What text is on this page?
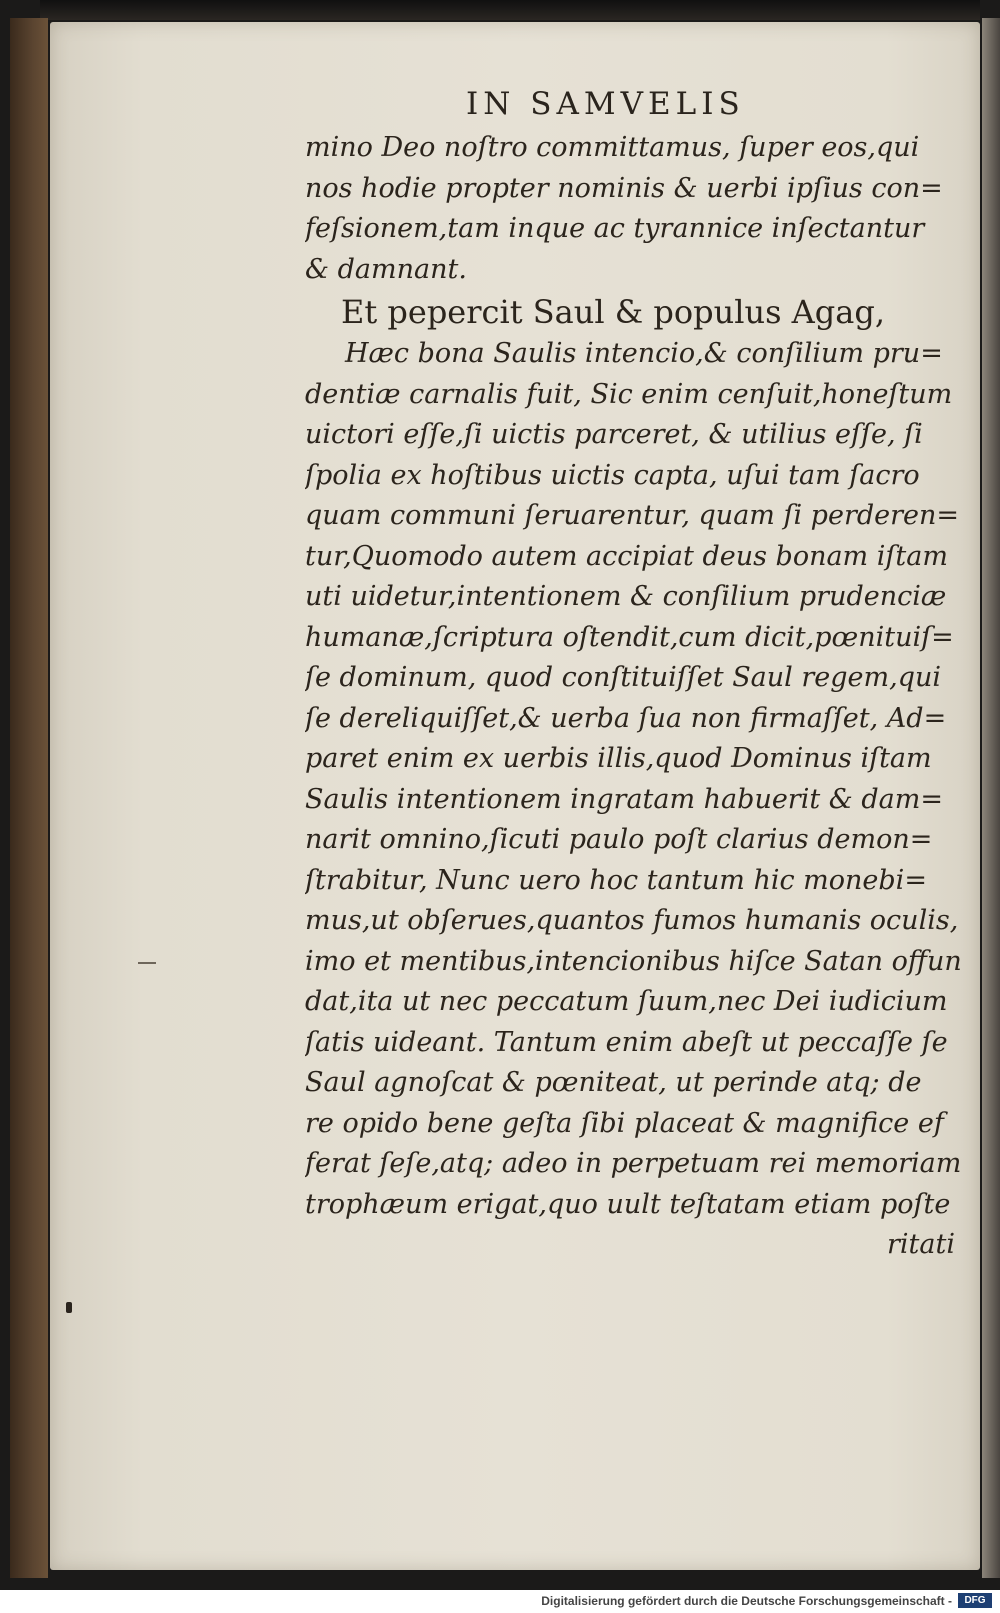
IN SAMVELIS
mino Deo noſtro committamus, ſuper eos,qui
nos hodie propter nominis & uerbi ipſius con=
feſsionem,tam inque ac tyrannice inſectantur
& damnant.
Et pepercit Saul & populus Agag,
Hæc bona Saulis intencio,& conſilium pru=
dentiæ carnalis fuit, Sic enim cenſuit,honeſtum
uictori eſſe,ſi uictis parceret, & utilius eſſe, ſi
ſpolia ex hoſtibus uictis capta, uſui tam ſacro
quam communi ſeruarentur, quam ſi perderen=
tur,Quomodo autem accipiat deus bonam iſtam
uti uidetur,intentionem & conſilium prudenciæ
humanæ,ſcriptura oſtendit,cum dicit,pœnituiſ=
ſe dominum, quod conſtituiſſet Saul regem,qui
ſe dereliquiſſet,& uerba ſua non firmaſſet, Ad=
paret enim ex uerbis illis,quod Dominus iſtam
Saulis intentionem ingratam habuerit & dam=
narit omnino,ſicuti paulo poſt clarius demon=
ſtrabitur, Nunc uero hoc tantum hic monebi=
mus,ut obſerues,quantos fumos humanis oculis,
imo et mentibus,intencionibus hiſce Satan offun
dat,ita ut nec peccatum ſuum,nec Dei iudicium
ſatis uideant. Tantum enim abeſt ut peccaſſe ſe
Saul agnoſcat & pœniteat, ut perinde atq; de
re opido bene geſta ſibi placeat & magnifice ef
ferat ſeſe,atq; adeo in perpetuam rei memoriam
trophæum erigat,quo uult teſtatam etiam poſte
ritati
Digitalisierung gefördert durch die Deutsche Forschungsgemeinschaft -	DFG
